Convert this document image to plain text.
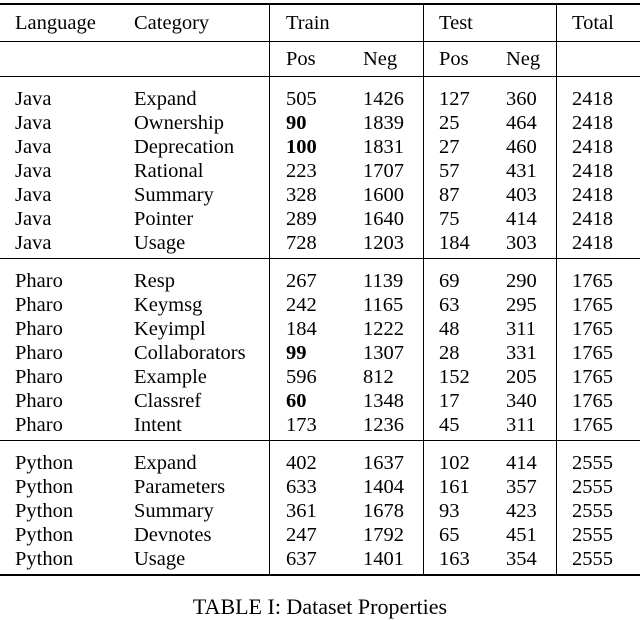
Language	Category	Train		Test		Total
		Pos	Neg	Pos	Neg	
Java	Expand	505	1426	127	360	2418
Java	Ownership	90	1839	25	464	2418
Java	Deprecation	100	1831	27	460	2418
Java	Rational	223	1707	57	431	2418
Java	Summary	328	1600	87	403	2418
Java	Pointer	289	1640	75	414	2418
Java	Usage	728	1203	184	303	2418
Pharo	Resp	267	1139	69	290	1765
Pharo	Keymsg	242	1165	63	295	1765
Pharo	Keyimpl	184	1222	48	311	1765
Pharo	Collaborators	99	1307	28	331	1765
Pharo	Example	596	812	152	205	1765
Pharo	Classref	60	1348	17	340	1765
Pharo	Intent	173	1236	45	311	1765
Python	Expand	402	1637	102	414	2555
Python	Parameters	633	1404	161	357	2555
Python	Summary	361	1678	93	423	2555
Python	Devnotes	247	1792	65	451	2555
Python	Usage	637	1401	163	354	2555
TABLE I: Dataset Properties
